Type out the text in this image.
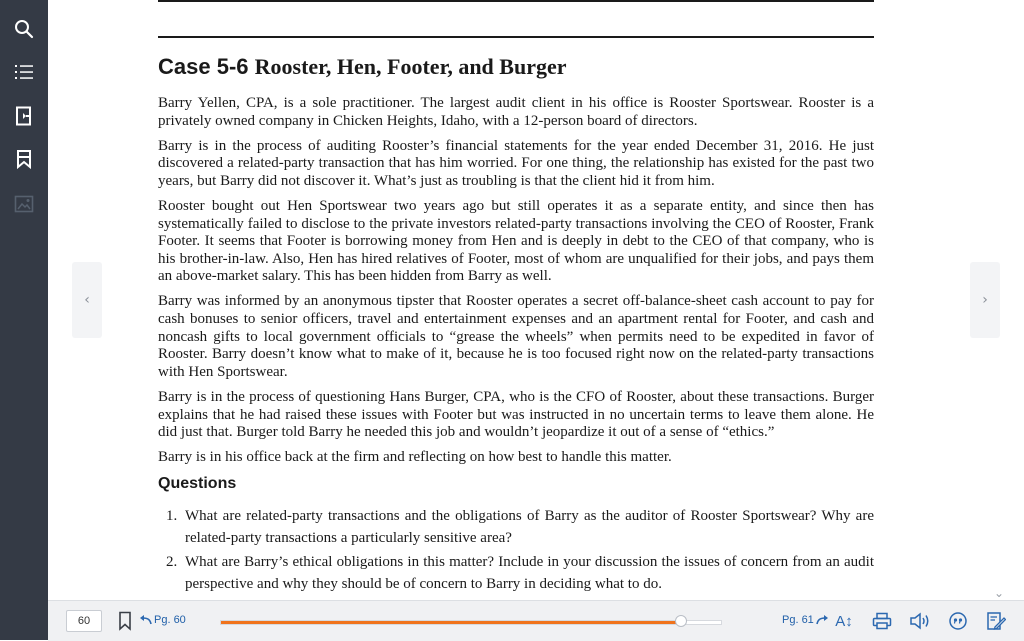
Case 5-6 Rooster, Hen, Footer, and Burger

Barry Yellen, CPA, is a sole practitioner. The largest audit client in his office is Rooster Sportswear. Rooster is a privately owned company in Chicken Heights, Idaho, with a 12-person board of directors.

Barry is in the process of auditing Rooster’s financial statements for the year ended December 31, 2016. He just discovered a related-party transaction that has him worried. For one thing, the relationship has existed for the past two years, but Barry did not discover it. What’s just as troubling is that the client hid it from him.

Rooster bought out Hen Sportswear two years ago but still operates it as a separate entity, and since then has systematically failed to disclose to the private investors related-party transactions involving the CEO of Rooster, Frank Footer. It seems that Footer is borrowing money from Hen and is deeply in debt to the CEO of that company, who is his brother-in-law. Also, Hen has hired relatives of Footer, most of whom are unqualified for their jobs, and pays them an above-market salary. This has been hidden from Barry as well.

Barry was informed by an anonymous tipster that Rooster operates a secret off-balance-sheet cash account to pay for cash bonuses to senior officers, travel and entertainment expenses and an apartment rental for Footer, and cash and noncash gifts to local government officials to “grease the wheels” when permits need to be expedited in favor of Rooster. Barry doesn’t know what to make of it, because he is too focused right now on the related-party transactions with Hen Sportswear.

Barry is in the process of questioning Hans Burger, CPA, who is the CFO of Rooster, about these transactions. Burger explains that he had raised these issues with Footer but was instructed in no uncertain terms to leave them alone. He did just that. Burger told Barry he needed this job and wouldn’t jeopardize it out of a sense of “ethics.”

Barry is in his office back at the firm and reflecting on how best to handle this matter.

Questions
1. What are related-party transactions and the obligations of Barry as the auditor of Rooster Sportswear? Why are related-party transactions a particularly sensitive area?
2. What are Barry’s ethical obligations in this matter? Include in your discussion the issues of concern from an audit perspective and why they should be of concern to Barry in deciding what to do.
‹	›
⌄
60	Pg. 60	Pg. 61 A↕
